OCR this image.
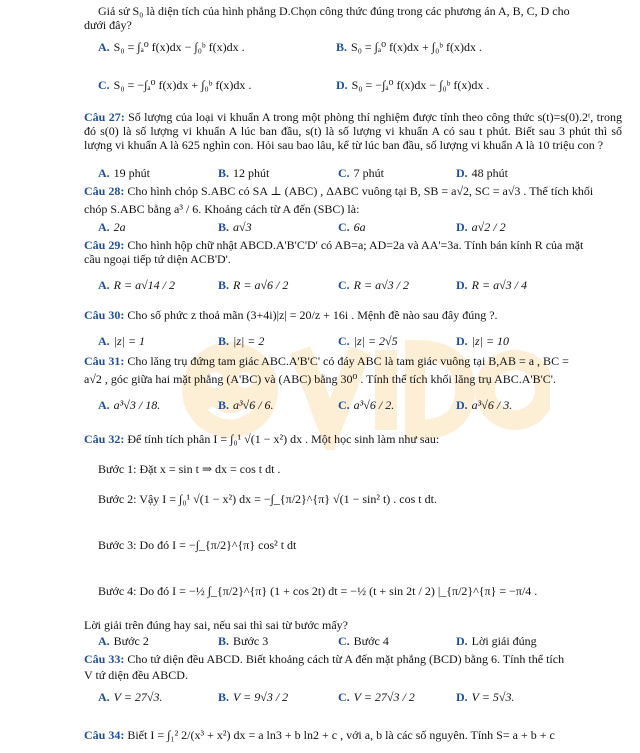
Giả sử S₀ là diện tích của hình phẳng D.Chọn công thức đúng trong các phương án A, B, C, D cho
dưới đây?
A. S₀ = ∫ₐ⁰ f(x)dx − ∫₀ᵇ f(x)dx .	B. S₀ = ∫ₐ⁰ f(x)dx + ∫₀ᵇ f(x)dx .
C. S₀ = −∫ₐ⁰ f(x)dx + ∫₀ᵇ f(x)dx .	D. S₀ = −∫ₐ⁰ f(x)dx − ∫₀ᵇ f(x)dx .
Câu 27: Số lượng của loại vi khuẩn A trong một phòng thí nghiệm được tính theo công thức s(t)=s(0).2ᵗ, trong đó s(0) là số lượng vi khuẩn A lúc ban đầu, s(t) là số lượng vi khuẩn A có sau t phút. Biết sau 3 phút thì số lượng vi khuẩn A là 625 nghìn con. Hỏi sau bao lâu, kể từ lúc ban đầu, số lượng vi khuẩn A là 10 triệu con ?
A. 19 phút	B. 12 phút	C. 7 phút	D. 48 phút
Câu 28: Cho hình chóp S.ABC có SA ⊥ (ABC) , ΔABC vuông tại B, SB = a√2, SC = a√3 . Thể tích khối
chóp S.ABC bằng a³ / 6. Khoảng cách từ A đến (SBC) là:
A. 2a	B. a√3	C. 6a	D. a√2 / 2
Câu 29: Cho hình hộp chữ nhật ABCD.A'B'C'D' có AB=a; AD=2a và AA'=3a. Tính bán kính R của mặt
cầu ngoại tiếp tứ diện ACB'D'.
A. R = a√14 / 2	B. R = a√6 / 2	C. R = a√3 / 2	D. R = a√3 / 4
Câu 30: Cho số phức z thoả mãn (3+4i)|z| = 20/z + 16i . Mệnh đề nào sau đây đúng ?.
A. |z| = 1	B. |z| = 2	C. |z| = 2√5	D. |z| = 10
Câu 31: Cho lăng trụ đứng tam giác ABC.A'B'C' có đáy ABC là tam giác vuông tại B,AB = a , BC =
a√2 , góc giữa hai mặt phẳng (A'BC) và (ABC) bằng 30⁰ . Tính thể tích khối lăng trụ ABC.A'B'C'.
A. a³√3 / 18.	B. a³√6 / 6.	C. a³√6 / 2.	D. a³√6 / 3.
Câu 32: Để tính tích phân I = ∫₀¹ √(1 − x²) dx . Một học sinh làm như sau:
Bước 1: Đặt x = sin t ⇒ dx = cos t dt .
Bước 2: Vậy I = ∫₀¹ √(1 − x²) dx = −∫_{π/2}^{π} √(1 − sin² t) . cos t dt.
Bước 3: Do đó I = −∫_{π/2}^{π} cos² t dt
Bước 4: Do đó I = −½ ∫_{π/2}^{π} (1 + cos 2t) dt = −½ (t + sin 2t / 2) |_{π/2}^{π} = −π/4 .
Lời giải trên đúng hay sai, nếu sai thì sai từ bước mấy?
A. Bước 2	B. Bước 3	C. Bước 4	D. Lời giải đúng
Câu 33: Cho tứ diện đều ABCD. Biết khoảng cách từ A đến mặt phẳng (BCD) bằng 6. Tính thể tích
V tứ diện đều ABCD.
A. V = 27√3.	B. V = 9√3 / 2	C. V = 27√3 / 2	D. V = 5√3.
Câu 34: Biết I = ∫₁² 2/(x³ + x²) dx = a ln3 + b ln2 + c , với a, b là các số nguyên. Tính S= a + b + c
